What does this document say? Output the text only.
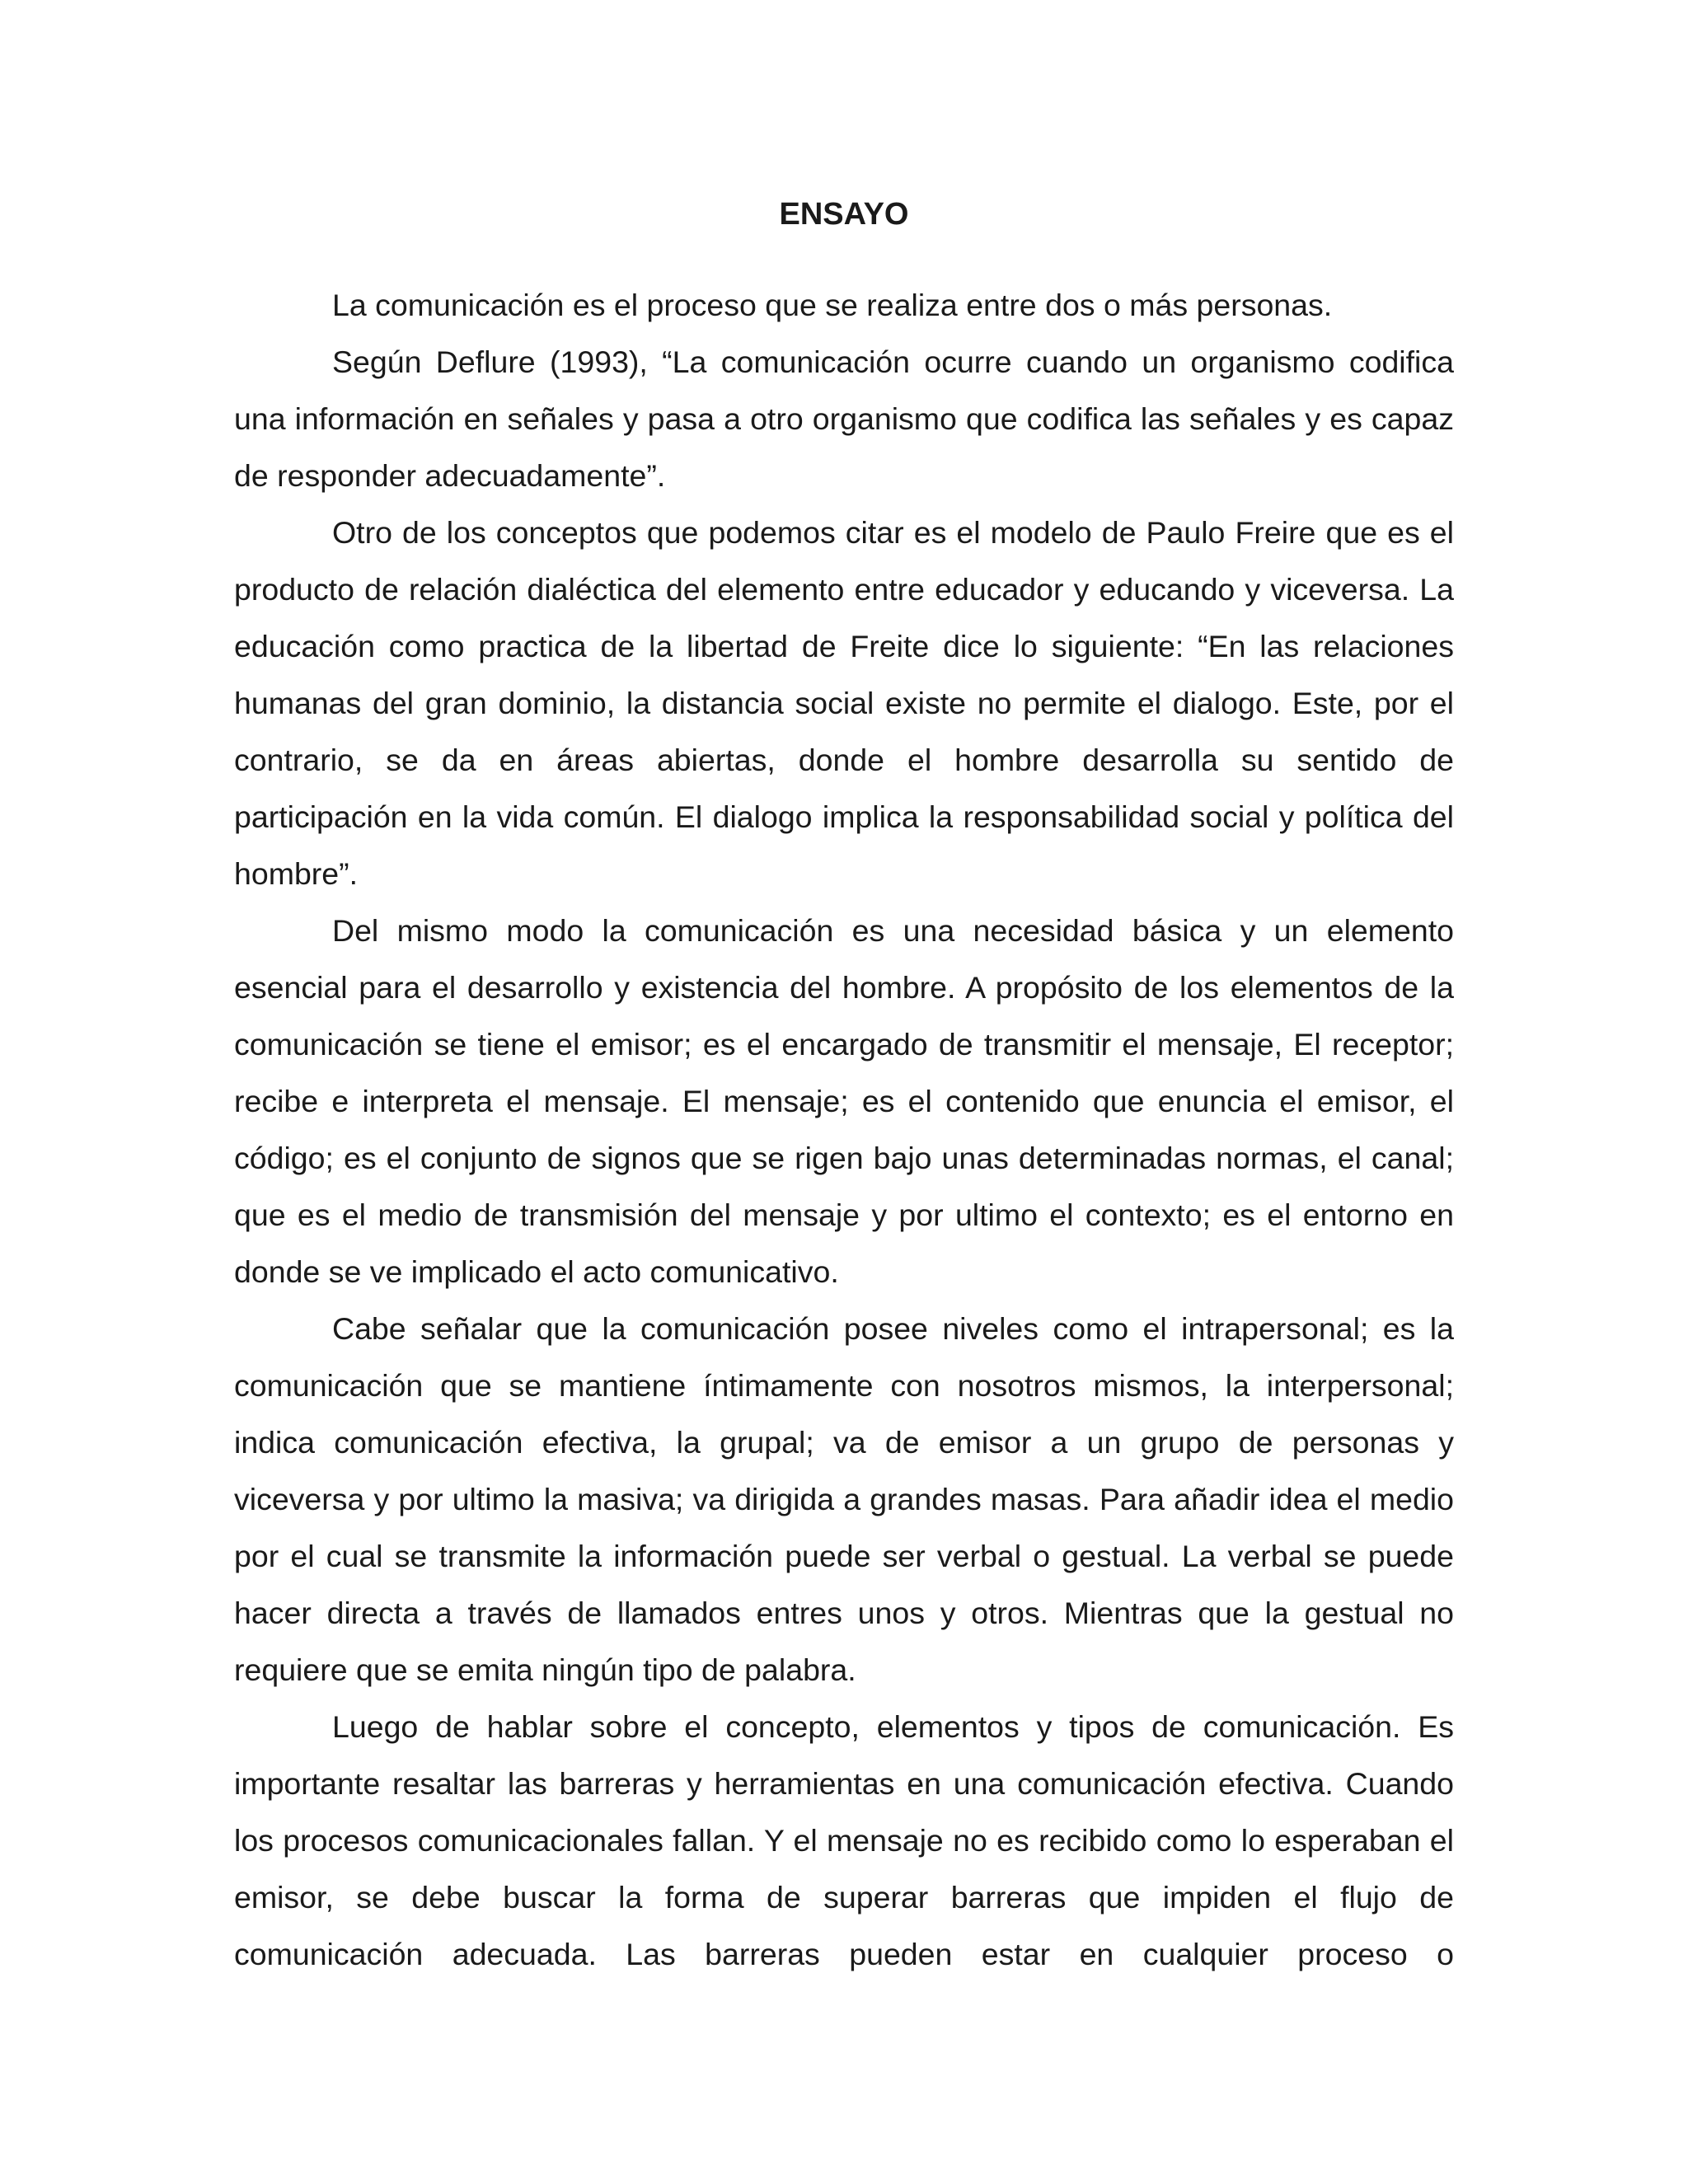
ENSAYO

La comunicación es el proceso que se realiza entre dos o más personas.

Según Deflure (1993), “La comunicación ocurre cuando un organismo codifica una información en señales y pasa a otro organismo que codifica las señales y es capaz de responder adecuadamente”.

Otro de los conceptos que podemos citar es el modelo de Paulo Freire que es el producto de relación dialéctica del elemento entre educador y educando y viceversa. La educación como practica de la libertad de Freite dice lo siguiente: “En las relaciones humanas del gran dominio, la distancia social existe no permite el dialogo. Este, por el contrario, se da en áreas abiertas, donde el hombre desarrolla su sentido de participación en la vida común. El dialogo implica la responsabilidad social y política del hombre”.

Del mismo modo la comunicación es una necesidad básica y un elemento esencial para el desarrollo y existencia del hombre. A propósito de los elementos de la comunicación se tiene el emisor; es el encargado de transmitir el mensaje, El receptor; recibe e interpreta el mensaje. El mensaje; es el contenido que enuncia el emisor, el código; es el conjunto de signos que se rigen bajo unas determinadas normas, el canal; que es el medio de transmisión del mensaje y por ultimo el contexto; es el entorno en donde se ve implicado el acto comunicativo.

Cabe señalar que la comunicación posee niveles como el intrapersonal; es la comunicación que se mantiene íntimamente con nosotros mismos, la interpersonal; indica comunicación efectiva, la grupal; va de emisor a un grupo de personas y viceversa y por ultimo la masiva; va dirigida a grandes masas. Para añadir idea el medio por el cual se transmite la información puede ser verbal o gestual. La verbal se puede hacer directa a través de llamados entres unos y otros. Mientras que la gestual no requiere que se emita ningún tipo de palabra.

Luego de hablar sobre el concepto, elementos y tipos de comunicación. Es importante resaltar las barreras y herramientas en una comunicación efectiva. Cuando los procesos comunicacionales fallan. Y el mensaje no es recibido como lo esperaban el emisor, se debe buscar la forma de superar barreras que impiden el flujo de comunicación adecuada. Las barreras pueden estar en cualquier proceso o
